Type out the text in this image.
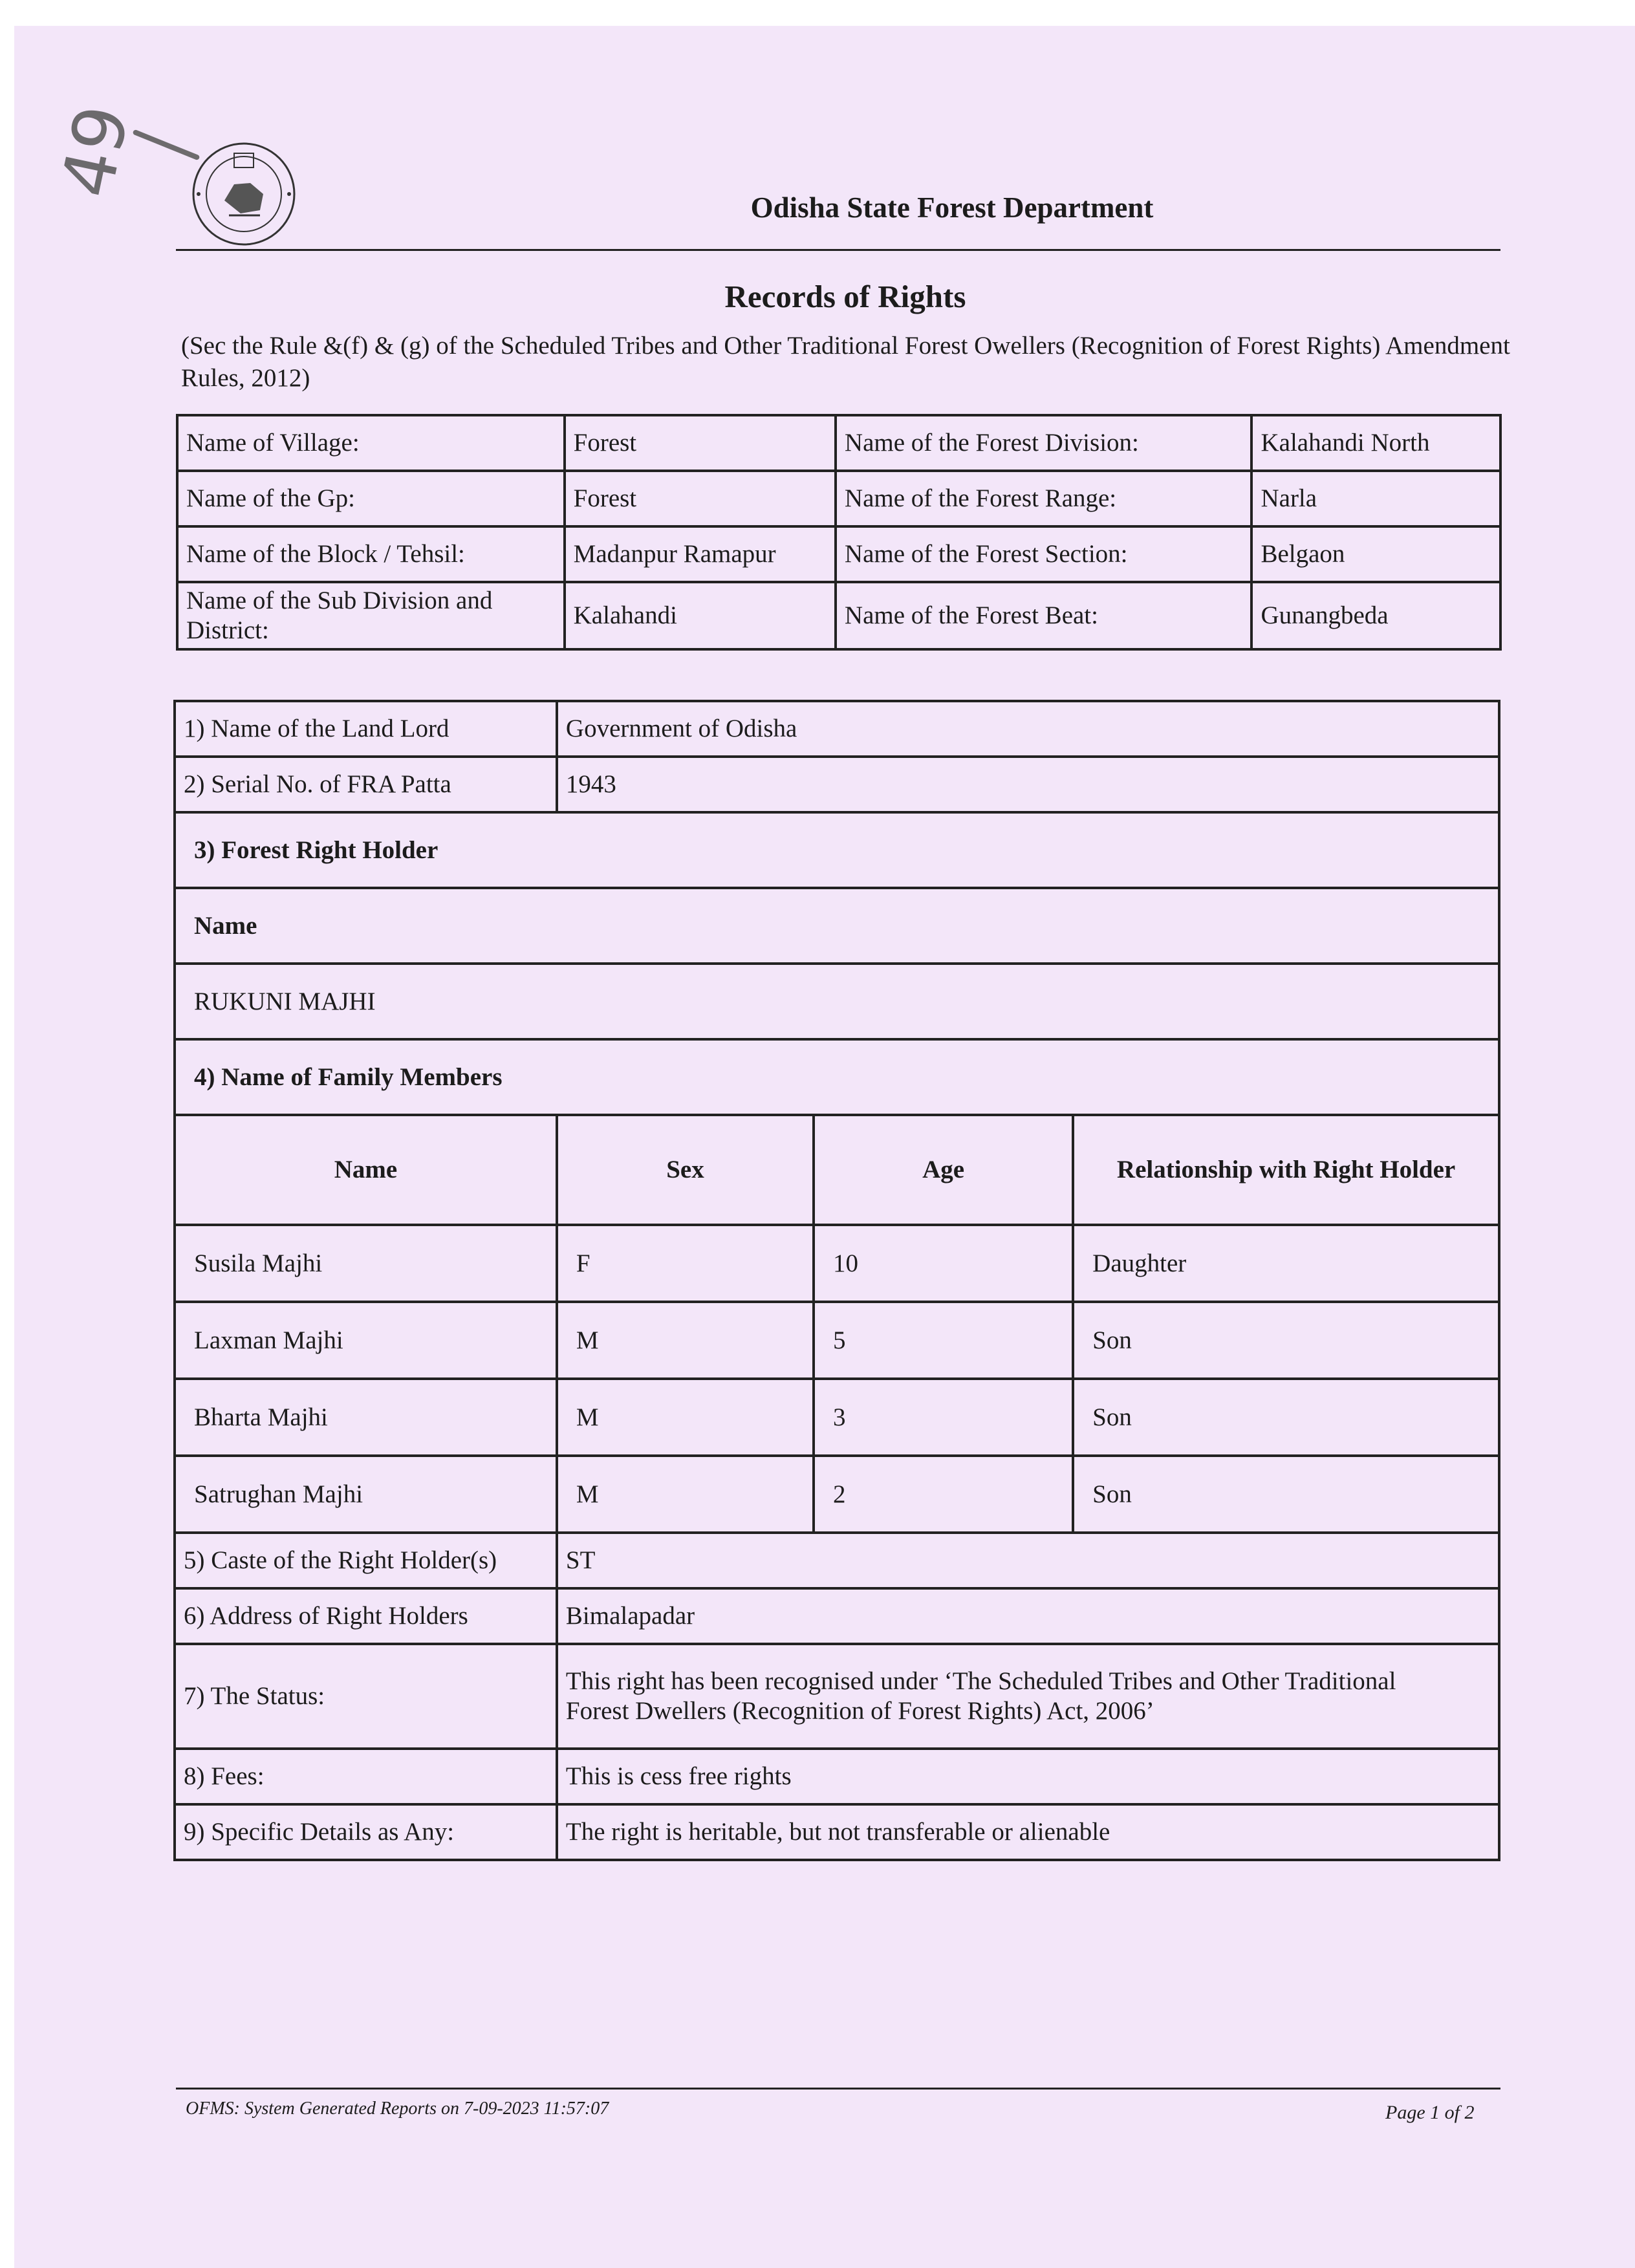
49
Odisha State Forest Department
Records of Rights
(Sec the Rule &(f) & (g) of the Scheduled Tribes and Other Traditional Forest Owellers (Recognition of Forest Rights) Amendment Rules, 2012)
Name of Village:	Forest	Name of the Forest Division:	Kalahandi North
Name of the Gp:	Forest	Name of the Forest Range:	Narla
Name of the Block / Tehsil:	Madanpur Ramapur	Name of the Forest Section:	Belgaon
Name of the Sub Division and District:	Kalahandi	Name of the Forest Beat:	Gunangbeda
1) Name of the Land Lord	Government of Odisha		
2) Serial No. of FRA Patta	1943		
3) Forest Right Holder			
Name			
RUKUNI MAJHI			
4) Name of Family Members			
Name	Sex	Age	Relationship with Right Holder
Susila Majhi	F	10	Daughter
Laxman Majhi	M	5	Son
Bharta Majhi	M	3	Son
Satrughan Majhi	M	2	Son
5) Caste of the Right Holder(s)	ST		
6) Address of Right Holders	Bimalapadar		
7) The Status:	This right has been recognised under ‘The Scheduled Tribes and Other Traditional
Forest Dwellers (Recognition of Forest Rights) Act, 2006’		

8) Fees:	This is cess free rights		
9) Specific Details as Any:	The right is heritable, but not transferable or alienable		
OFMS: System Generated Reports on 7-09-2023 11:57:07	Page 1 of 2
